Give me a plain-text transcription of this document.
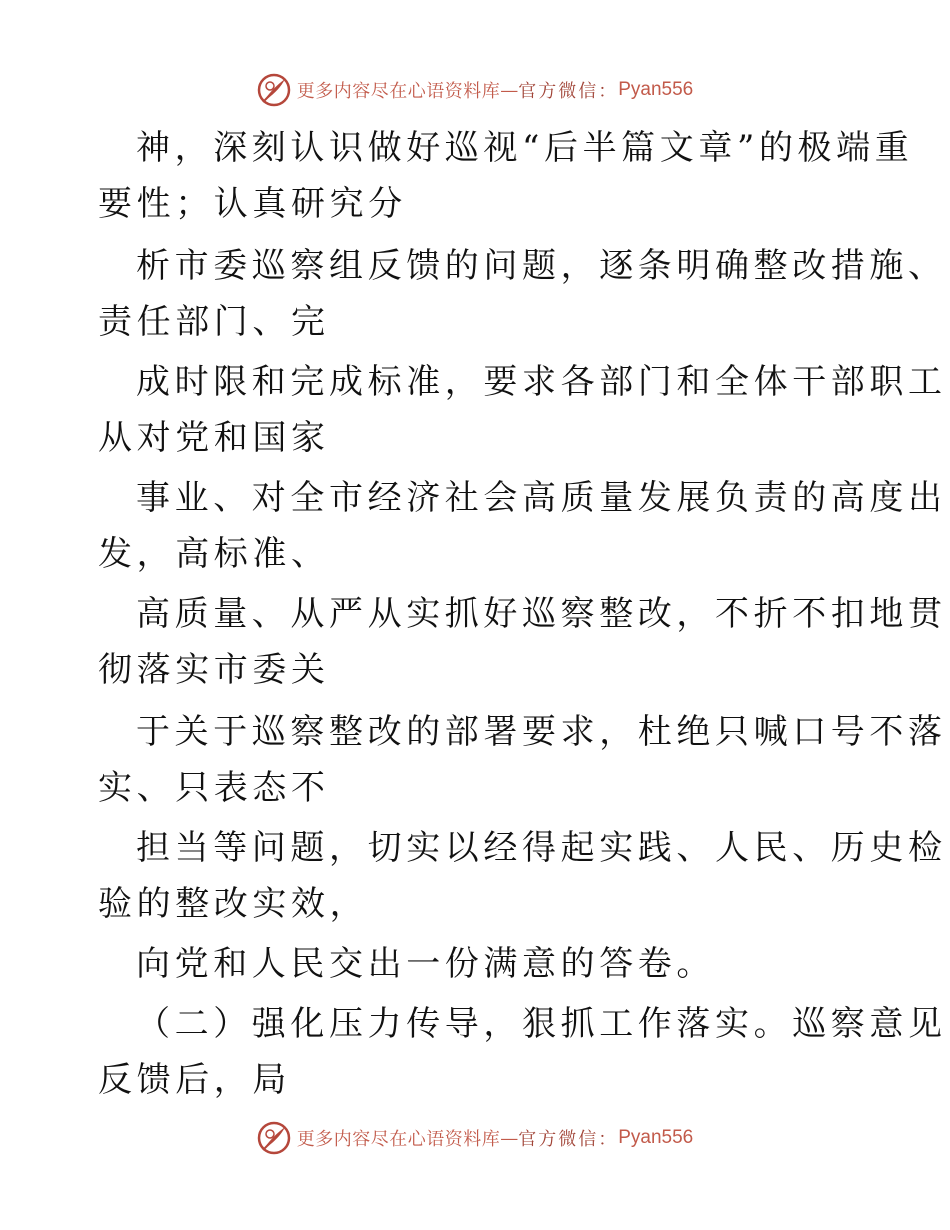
更多内容尽在心语资料库 — 官方微信： Pyan556
神，深刻认识做好巡视“后半篇文章”的极端重
要性；认真研究分
析市委巡察组反馈的问题，逐条明确整改措施、
责任部门、完
成时限和完成标准，要求各部门和全体干部职工
从对党和国家
事业、对全市经济社会高质量发展负责的高度出
发，高标准、
高质量、从严从实抓好巡察整改，不折不扣地贯
彻落实市委关
于关于巡察整改的部署要求，杜绝只喊口号不落
实、只表态不
担当等问题，切实以经得起实践、人民、历史检
验的整改实效，
向党和人民交出一份满意的答卷。
（二）强化压力传导，狠抓工作落实。巡察意见
反馈后，局
更多内容尽在心语资料库 — 官方微信： Pyan556
